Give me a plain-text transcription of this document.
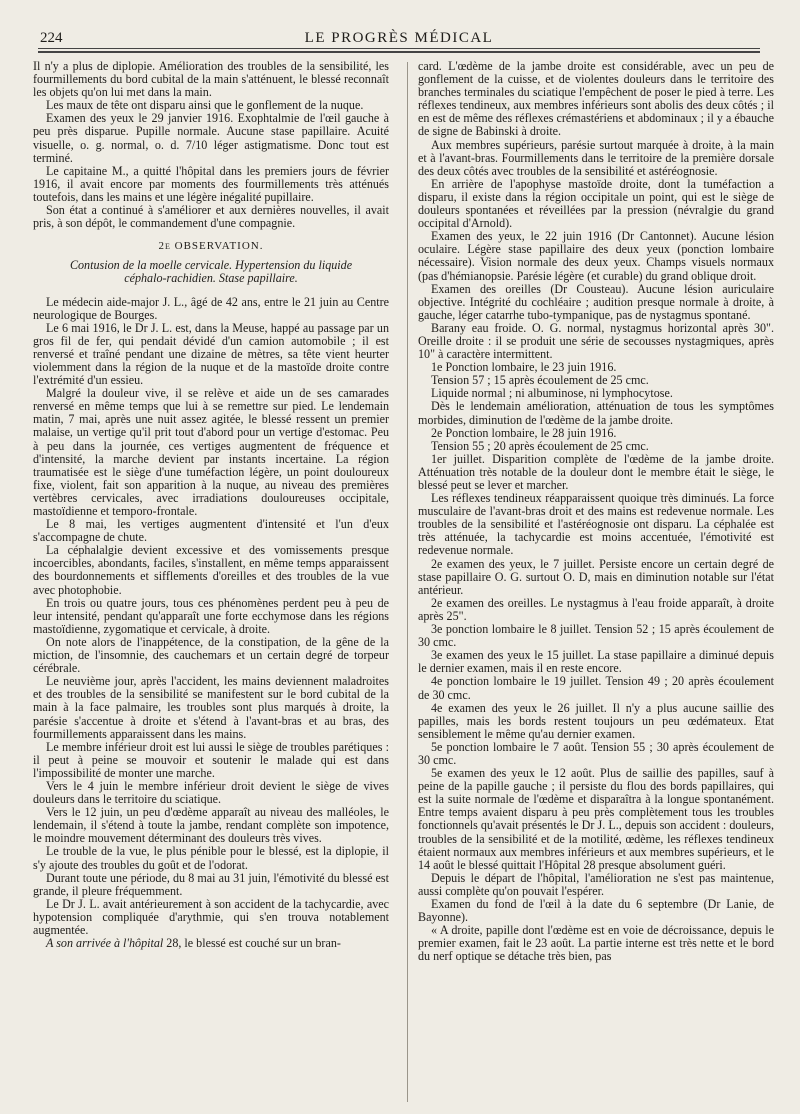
224	LE PROGRÈS MÉDICAL

Il n'y a plus de diplopie. Amélioration des troubles de la sensibilité, les fourmillements du bord cubital de la main s'atténuent, le blessé reconnaît les objets qu'on lui met dans la main.

Les maux de tête ont disparu ainsi que le gonflement de la nuque.

Examen des yeux le 29 janvier 1916. Exophtalmie de l'œil gauche à peu près disparue. Pupille normale. Aucune stase papillaire. Acuité visuelle, o. g. normal, o. d. 7/10 léger astigmatisme. Donc tout est terminé.

Le capitaine M., a quitté l'hôpital dans les premiers jours de février 1916, il avait encore par moments des fourmillements très atténués toutefois, dans les mains et une légère inégalité pupillaire.

Son état a continué à s'améliorer et aux dernières nouvelles, il avait pris, à son dépôt, le commandement d'une compagnie.

2e OBSERVATION.

Contusion de la moelle cervicale. Hypertension du liquide céphalo-rachidien. Stase papillaire.

Le médecin aide-major J. L., âgé de 42 ans, entre le 21 juin au Centre neurologique de Bourges.

Le 6 mai 1916, le Dr J. L. est, dans la Meuse, happé au passage par un gros fil de fer, qui pendait dévidé d'un camion automobile ; il est renversé et traîné pendant une dizaine de mètres, sa tête vient heurter violemment dans la région de la nuque et de la mastoïde droite contre l'extrémité d'un essieu.

Malgré la douleur vive, il se relève et aide un de ses camarades renversé en même temps que lui à se remettre sur pied. Le lendemain matin, 7 mai, après une nuit assez agitée, le blessé ressent un premier malaise, un vertige qu'il prit tout d'abord pour un vertige d'estomac. Peu à peu dans la journée, ces vertiges augmentent de fréquence et d'intensité, la marche devient par instants incertaine. La région traumatisée est le siège d'une tuméfaction légère, un point douloureux fixe, violent, fait son apparition à la nuque, au niveau des premières vertèbres cervicales, avec irradiations douloureuses occipitale, mastoïdienne et temporo-frontale.

Le 8 mai, les vertiges augmentent d'intensité et l'un d'eux s'accompagne de chute.

La céphalalgie devient excessive et des vomissements presque incoercibles, abondants, faciles, s'installent, en même temps apparaissent des bourdonnements et sifflements d'oreilles et des troubles de la vue avec photophobie.

En trois ou quatre jours, tous ces phénomènes perdent peu à peu de leur intensité, pendant qu'apparaît une forte ecchymose dans les régions mastoïdienne, zygomatique et cervicale, à droite.

On note alors de l'inappétence, de la constipation, de la gêne de la miction, de l'insomnie, des cauchemars et un certain degré de torpeur cérébrale.

Le neuvième jour, après l'accident, les mains deviennent maladroites et des troubles de la sensibilité se manifestent sur le bord cubital de la main à la face palmaire, les troubles sont plus marqués à droite, la parésie s'accentue à droite et s'étend à l'avant-bras et au bras, des fourmillements apparaissent dans les mains.

Le membre inférieur droit est lui aussi le siège de troubles parétiques : il peut à peine se mouvoir et soutenir le malade qui est dans l'impossibilité de monter une marche.

Vers le 4 juin le membre inférieur droit devient le siège de vives douleurs dans le territoire du sciatique.

Vers le 12 juin, un peu d'œdème apparaît au niveau des malléoles, le lendemain, il s'étend à toute la jambe, rendant complète son impotence, le moindre mouvement déterminant des douleurs très vives.

Le trouble de la vue, le plus pénible pour le blessé, est la diplopie, il s'y ajoute des troubles du goût et de l'odorat.

Durant toute une période, du 8 mai au 31 juin, l'émotivité du blessé est grande, il pleure fréquemment.

Le Dr J. L. avait antérieurement à son accident de la tachycardie, avec hypotension compliquée d'arythmie, qui s'en trouva notablement augmentée.

A son arrivée à l'hôpital 28, le blessé est couché sur un bran-

card. L'œdème de la jambe droite est considérable, avec un peu de gonflement de la cuisse, et de violentes douleurs dans le territoire des branches terminales du sciatique l'empêchent de poser le pied à terre. Les réflexes tendineux, aux membres inférieurs sont abolis des deux côtés ; il en est de même des réflexes crémastériens et abdominaux ; il y a ébauche de signe de Babinski à droite.

Aux membres supérieurs, parésie surtout marquée à droite, à la main et à l'avant-bras. Fourmillements dans le territoire de la première dorsale des deux côtés avec troubles de la sensibilité et astéréognosie.

En arrière de l'apophyse mastoïde droite, dont la tuméfaction a disparu, il existe dans la région occipitale un point, qui est le siège de douleurs spontanées et réveillées par la pression (névralgie du grand occipital d'Arnold).

Examen des yeux, le 22 juin 1916 (Dr Cantonnet). Aucune lésion oculaire. Légère stase papillaire des deux yeux (ponction lombaire nécessaire). Vision normale des deux yeux. Champs visuels normaux (pas d'hémianopsie. Parésie légère (et curable) du grand oblique droit.

Examen des oreilles (Dr Cousteau). Aucune lésion auriculaire objective. Intégrité du cochléaire ; audition presque normale à droite, à gauche, léger catarrhe tubo-tympanique, pas de nystagmus spontané.

Barany eau froide. O. G. normal, nystagmus horizontal après 30". Oreille droite : il se produit une série de secousses nystagmiques, après 10" à caractère intermittent.

1e Ponction lombaire, le 23 juin 1916.

Tension 57 ; 15 après écoulement de 25 cmc.

Liquide normal ; ni albuminose, ni lymphocytose.

Dès le lendemain amélioration, atténuation de tous les symptômes morbides, diminution de l'œdème de la jambe droite.

2e Ponction lombaire, le 28 juin 1916.

Tension 55 ; 20 après écoulement de 25 cmc.

1er juillet. Disparition complète de l'œdème de la jambe droite. Atténuation très notable de la douleur dont le membre était le siège, le blessé peut se lever et marcher.

Les réflexes tendineux réapparaissent quoique très diminués. La force musculaire de l'avant-bras droit et des mains est redevenue normale. Les troubles de la sensibilité et l'astéréognosie ont disparu. La céphalée est très atténuée, la tachycardie est moins accentuée, l'émotivité est redevenue normale.

2e examen des yeux, le 7 juillet. Persiste encore un certain degré de stase papillaire O. G. surtout O. D, mais en diminution notable sur l'état antérieur.

2e examen des oreilles. Le nystagmus à l'eau froide apparaît, à droite après 25".

3e ponction lombaire le 8 juillet. Tension 52 ; 15 après écoulement de 30 cmc.

3e examen des yeux le 15 juillet. La stase papillaire a diminué depuis le dernier examen, mais il en reste encore.

4e ponction lombaire le 19 juillet. Tension 49 ; 20 après écoulement de 30 cmc.

4e examen des yeux le 26 juillet. Il n'y a plus aucune saillie des papilles, mais les bords restent toujours un peu œdémateux. Etat sensiblement le même qu'au dernier examen.

5e ponction lombaire le 7 août. Tension 55 ; 30 après écoulement de 30 cmc.

5e examen des yeux le 12 août. Plus de saillie des papilles, sauf à peine de la papille gauche ; il persiste du flou des bords papillaires, qui est la suite normale de l'œdème et disparaîtra à la longue spontanément. Entre temps avaient disparu à peu près complètement tous les troubles fonctionnels qu'avait présentés le Dr J. L., depuis son accident : douleurs, troubles de la sensibilité et de la motilité, œdème, les réflexes tendineux étaient normaux aux membres inférieurs et aux membres supérieurs, et le 14 août le blessé quittait l'Hôpital 28 presque absolument guéri.

Depuis le départ de l'hôpital, l'amélioration ne s'est pas maintenue, aussi complète qu'on pouvait l'espérer.

Examen du fond de l'œil à la date du 6 septembre (Dr Lanie, de Bayonne).

« A droite, papille dont l'œdème est en voie de décroissance, depuis le premier examen, fait le 23 août. La partie interne est très nette et le bord du nerf optique se détache très bien, pas
